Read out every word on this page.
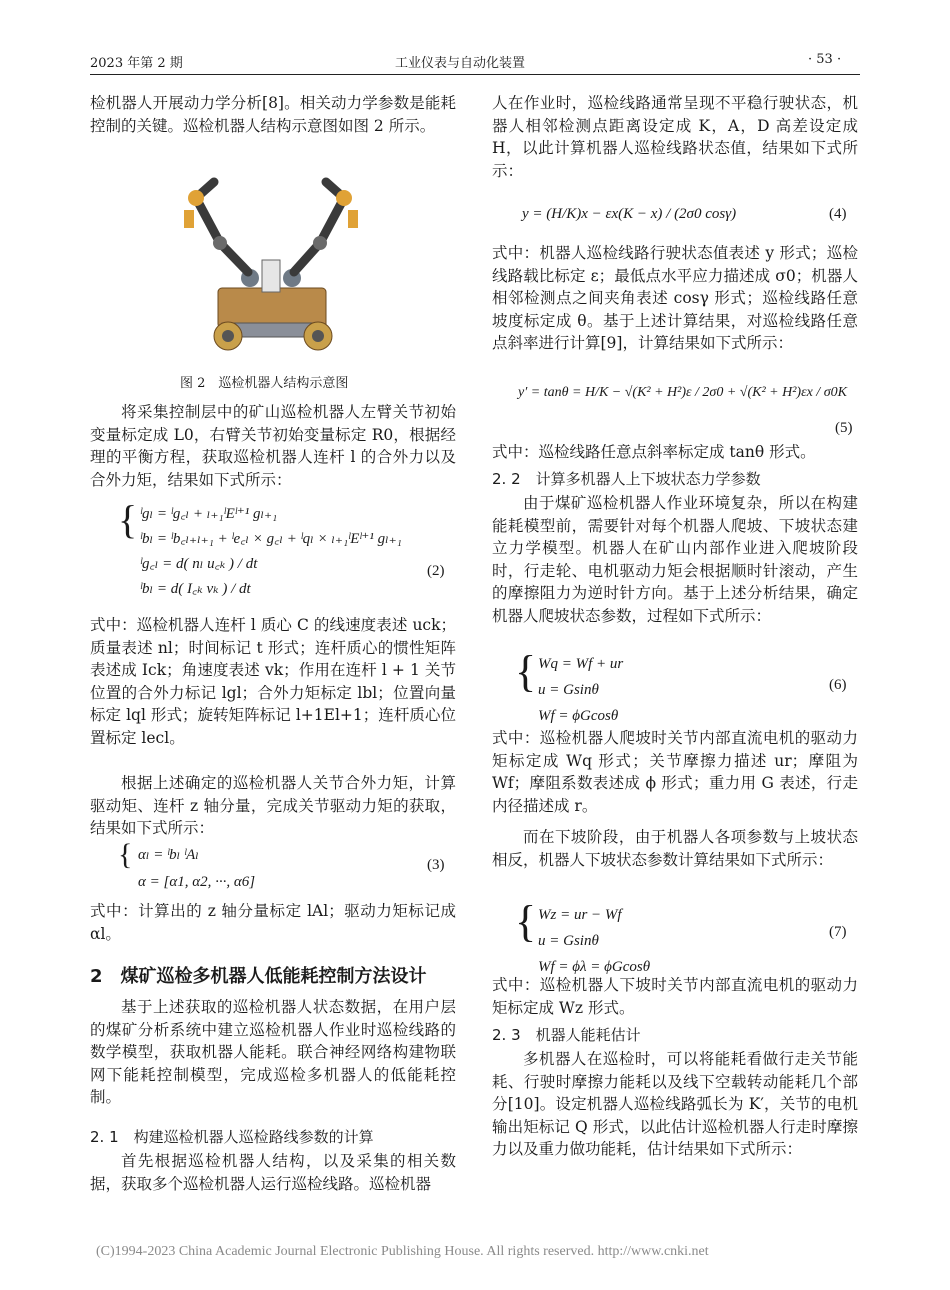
2023 年第 2 期	工业仪表与自动化装置	· 53 ·
检机器人开展动力学分析[8]。相关动力学参数是能耗控制的关键。巡检机器人结构示意图如图 2 所示。
图 2　巡检机器人结构示意图
将采集控制层中的矿山巡检机器人左臂关节初始变量标定成 L0，右臂关节初始变量标定 R0，根据经理的平衡方程，获取巡检机器人连杆 l 的合外力以及合外力矩，结果如下式所示：
{ ˡgₗ = ˡg꜀ₗ + ₗ₊₁ˡEˡ⁺¹ gₗ₊₁
ˡbₗ = ˡb꜀ₗ₊ₗ₊₁ + ˡe꜀ₗ × g꜀ₗ + ˡqₗ × ₗ₊₁ˡEˡ⁺¹ gₗ₊₁
ˡg꜀ₗ = d( nₗ u꜀ₖ ) / dt
ˡbₗ = d( I꜀ₖ vₖ ) / dt
(2)
式中：巡检机器人连杆 l 质心 C 的线速度表述 uck；质量表述 nl；时间标记 t 形式；连杆质心的惯性矩阵表述成 Ick；角速度表述 vk；作用在连杆 l + 1 关节位置的合外力标记 lgl；合外力矩标定 lbl；位置向量标定 lql 形式；旋转矩阵标记 l+1El+1；连杆质心位置标定 lecl。
根据上述确定的巡检机器人关节合外力矩，计算驱动矩、连杆 z 轴分量，完成关节驱动力矩的获取，结果如下式所示：
{ αₗ = ˡbₗ ˡAₗ
α = [α1, α2, ···, α6]
(3)
式中：计算出的 z 轴分量标定 lAl；驱动力矩标记成 αl。
2　煤矿巡检多机器人低能耗控制方法设计
基于上述获取的巡检机器人状态数据，在用户层的煤矿分析系统中建立巡检机器人作业时巡检线路的数学模型，获取机器人能耗。联合神经网络构建物联网下能耗控制模型，完成巡检多机器人的低能耗控制。
2. 1　构建巡检机器人巡检路线参数的计算
首先根据巡检机器人结构，以及采集的相关数据，获取多个巡检机器人运行巡检线路。巡检机器
人在作业时，巡检线路通常呈现不平稳行驶状态，机器人相邻检测点距离设定成 K，A，D 高差设定成 H，以此计算机器人巡检线路状态值，结果如下式所示：
y = (H/K)x − εx(K − x) / (2σ0 cosγ)	(4)
式中：机器人巡检线路行驶状态值表述 y 形式；巡检线路载比标定 ε；最低点水平应力描述成 σ0；机器人相邻检测点之间夹角表述 cosγ 形式；巡检线路任意坡度标定成 θ。基于上述计算结果，对巡检线路任意点斜率进行计算[9]，计算结果如下式所示：
y′ = tanθ = H/K − √(K² + H²)ε / 2σ0 + √(K² + H²)εx / σ0K
(5)
式中：巡检线路任意点斜率标定成 tanθ 形式。
2. 2　计算多机器人上下坡状态力学参数
由于煤矿巡检机器人作业环境复杂，所以在构建能耗模型前，需要针对每个机器人爬坡、下坡状态建立力学模型。机器人在矿山内部作业进入爬坡阶段时，行走轮、电机驱动力矩会根据顺时针滚动，产生的摩擦阻力为逆时针方向。基于上述分析结果，确定机器人爬坡状态参数，过程如下式所示：
{ Wq = Wf + ur
u = Gsinθ
Wf = ϕGcosθ
(6)
式中：巡检机器人爬坡时关节内部直流电机的驱动力矩标定成 Wq 形式；关节摩擦力描述 ur；摩阻为 Wf；摩阻系数表述成 ϕ 形式；重力用 G 表述，行走内径描述成 r。
而在下坡阶段，由于机器人各项参数与上坡状态相反，机器人下坡状态参数计算结果如下式所示：
{ Wz = ur − Wf
u = Gsinθ
Wf = ϕλ = ϕGcosθ
(7)
式中：巡检机器人下坡时关节内部直流电机的驱动力矩标定成 Wz 形式。
2. 3　机器人能耗估计
多机器人在巡检时，可以将能耗看做行走关节能耗、行驶时摩擦力能耗以及线下空载转动能耗几个部分[10]。设定机器人巡检线路弧长为 K′，关节的电机输出矩标记 Q 形式，以此估计巡检机器人行走时摩擦力以及重力做功能耗，估计结果如下式所示：
(C)1994-2023 China Academic Journal Electronic Publishing House. All rights reserved. http://www.cnki.net
